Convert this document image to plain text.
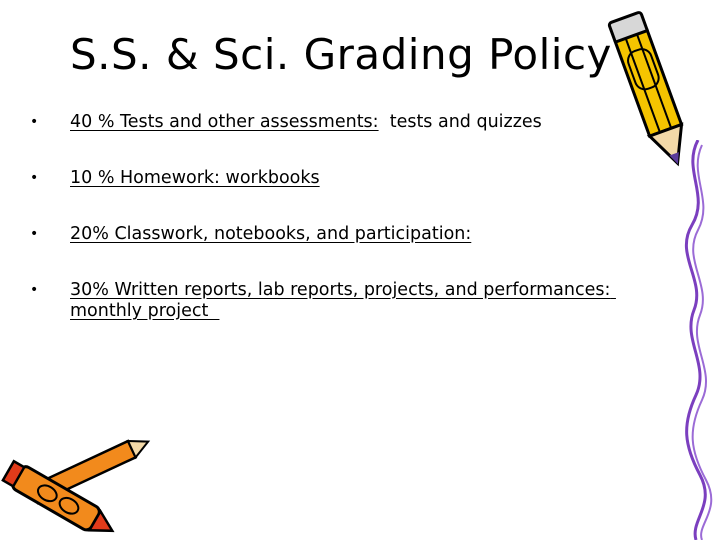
S.S. & Sci. Grading Policy
• 40 % Tests and other assessments:  tests and quizzes
• 10 % Homework: workbooks
• 20% Classwork, notebooks, and participation:
• 30% Written reports, lab reports, projects, and performances: monthly project
